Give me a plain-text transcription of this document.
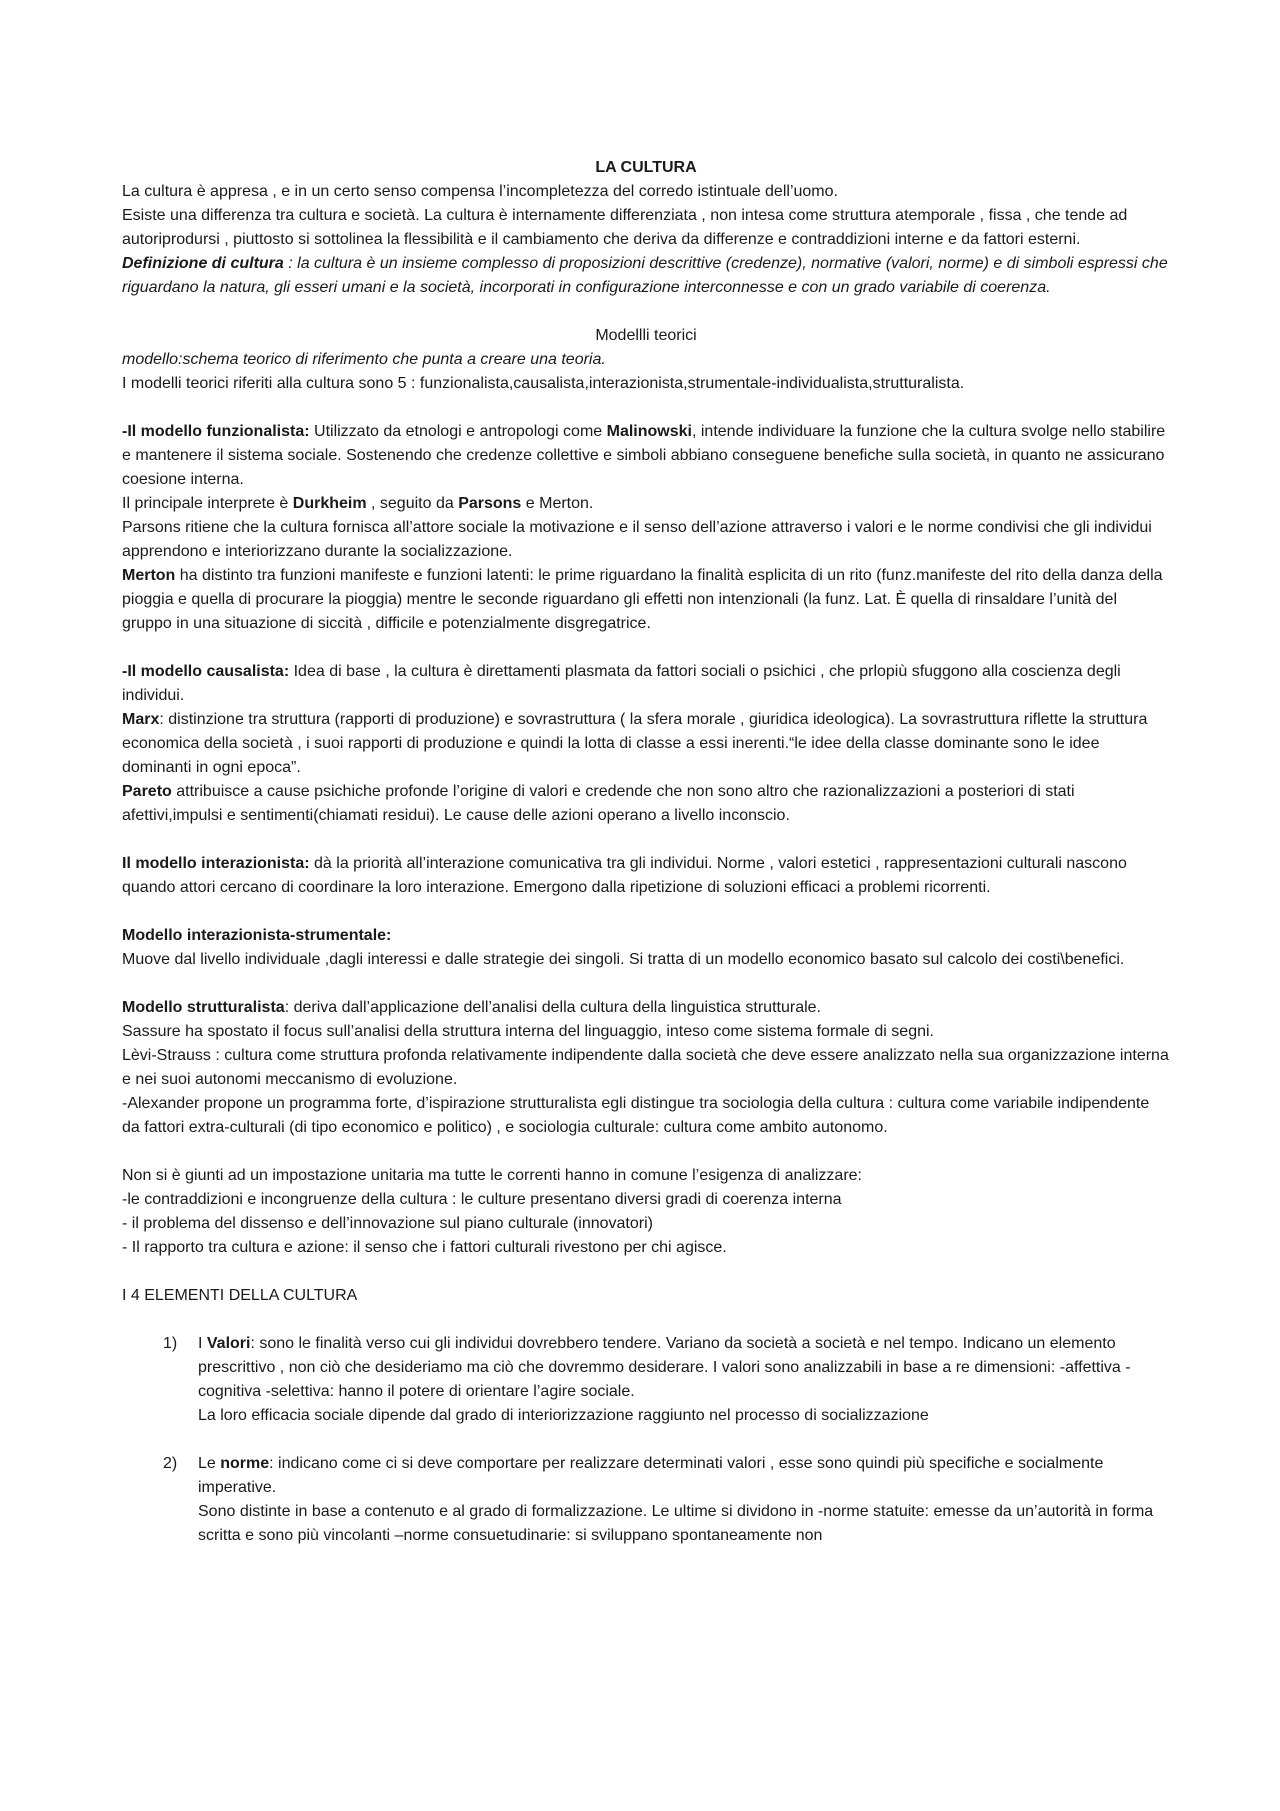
LA CULTURA

La cultura è appresa , e in un certo senso compensa l’incompletezza del corredo istintuale dell’uomo.

Esiste una differenza tra cultura e società. La cultura è internamente differenziata , non intesa come struttura atemporale , fissa , che tende ad autoriprodursi , piuttosto si sottolinea la flessibilità e il cambiamento che deriva da differenze e contraddizioni interne e da fattori esterni.

Definizione di cultura : la cultura è un insieme complesso di proposizioni descrittive (credenze), normative (valori, norme) e di simboli espressi che riguardano la natura, gli esseri umani e la società, incorporati in configurazione interconnesse e con un grado variabile di coerenza.

Modellli teorici

modello:schema teorico di riferimento che punta a creare una teoria.

I modelli teorici riferiti alla cultura sono 5 : funzionalista,causalista,interazionista,strumentale-individualista,strutturalista.

-Il modello funzionalista: Utilizzato da etnologi e antropologi come Malinowski, intende individuare la funzione che la cultura svolge nello stabilire e mantenere il sistema sociale. Sostenendo che credenze collettive e simboli abbiano conseguene benefiche sulla società, in quanto ne assicurano coesione interna.

Il principale interprete è Durkheim , seguito da Parsons e Merton.

Parsons ritiene che la cultura fornisca all’attore sociale la motivazione e il senso dell’azione attraverso i valori e le norme condivisi che gli individui apprendono e interiorizzano durante la socializzazione.

Merton ha distinto tra funzioni manifeste e funzioni latenti: le prime riguardano la finalità esplicita di un rito (funz.manifeste del rito della danza della pioggia e quella di procurare la pioggia) mentre le seconde riguardano gli effetti non intenzionali (la funz. Lat. È quella di rinsaldare l’unità del gruppo in una situazione di siccità , difficile e potenzialmente disgregatrice.

-Il modello causalista: Idea di base , la cultura è direttamenti plasmata da fattori sociali o psichici , che prlopiù sfuggono alla coscienza degli individui.

Marx: distinzione tra struttura (rapporti di produzione) e sovrastruttura ( la sfera morale , giuridica ideologica). La sovrastruttura riflette la struttura economica della società , i suoi rapporti di produzione e quindi la lotta di classe a essi inerenti.“le idee della classe dominante sono le idee dominanti in ogni epoca”.

Pareto attribuisce a cause psichiche profonde l’origine di valori e credende che non sono altro che razionalizzazioni a posteriori di stati afettivi,impulsi e sentimenti(chiamati residui). Le cause delle azioni operano a livello inconscio.

Il modello interazionista: dà la priorità all’interazione comunicativa tra gli individui. Norme , valori estetici , rappresentazioni culturali nascono quando attori cercano di coordinare la loro interazione. Emergono dalla ripetizione di soluzioni efficaci a problemi ricorrenti.

Modello interazionista-strumentale:

Muove dal livello individuale ,dagli interessi e dalle strategie dei singoli. Si tratta di un modello economico basato sul calcolo dei costi\benefici.

Modello strutturalista: deriva dall’applicazione dell’analisi della cultura della linguistica strutturale.

Sassure ha spostato il focus sull’analisi della struttura interna del linguaggio, inteso come sistema formale di segni.

Lèvi-Strauss : cultura come struttura profonda relativamente indipendente dalla società che deve essere analizzato nella sua organizzazione interna e nei suoi autonomi meccanismo di evoluzione.

-Alexander propone un programma forte, d’ispirazione strutturalista egli distingue tra sociologia della cultura : cultura come variabile indipendente da fattori extra-culturali (di tipo economico e politico) , e sociologia culturale: cultura come ambito autonomo.

Non si è giunti ad un impostazione unitaria ma tutte le correnti hanno in comune l’esigenza di analizzare:

-le contraddizioni e incongruenze della cultura : le culture presentano diversi gradi di coerenza interna

- il problema del dissenso e dell’innovazione sul piano culturale (innovatori)

- Il rapporto tra cultura e azione: il senso che i fattori culturali rivestono per chi agisce.

I 4 ELEMENTI DELLA CULTURA

1)	I Valori: sono le finalità verso cui gli individui dovrebbero tendere. Variano da società a società e nel tempo. Indicano un elemento prescrittivo , non ciò che desideriamo ma ciò che dovremmo desiderare. I valori sono analizzabili in base a re dimensioni: -affettiva -cognitiva -selettiva: hanno il potere di orientare l’agire sociale.

La loro efficacia sociale dipende dal grado di interiorizzazione raggiunto nel processo di socializzazione

2)	Le norme: indicano come ci si deve comportare per realizzare determinati valori , esse sono quindi più specifiche e socialmente imperative.

Sono distinte in base a contenuto e al grado di formalizzazione. Le ultime si dividono in -norme statuite: emesse da un’autorità in forma scritta e sono più vincolanti –norme consuetudinarie: si sviluppano spontaneamente non
